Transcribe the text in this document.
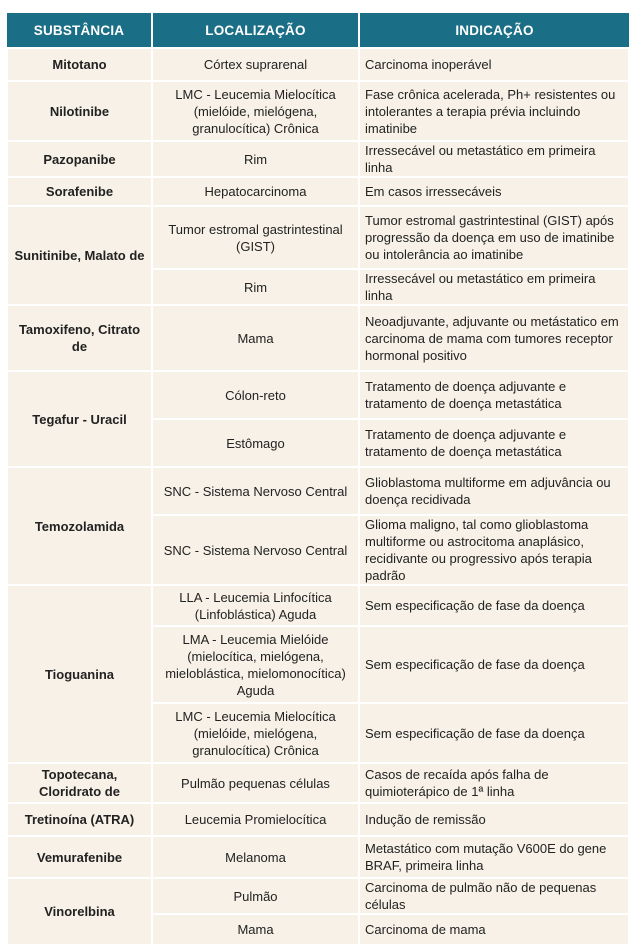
SUBSTÂNCIA	LOCALIZAÇÃO	INDICAÇÃO
Mitotano	Córtex suprarenal	Carcinoma inoperável
Nilotinibe	LMC - Leucemia Mielocítica (mielóide, mielógena, granulocítica) Crônica	Fase crônica acelerada, Ph+ resistentes ou intolerantes a terapia prévia incluindo imatinibe
Pazopanibe	Rim	Irressecável ou metastático em primeira linha
Sorafenibe	Hepatocarcinoma	Em casos irressecáveis
Sunitinibe, Malato de	Tumor estromal gastrintestinal (GIST)	Tumor estromal gastrintestinal (GIST) após progressão da doença em uso de imatinibe ou intolerância ao imatinibe
	Rim	Irressecável ou metastático em primeira linha
Tamoxifeno, Citrato de	Mama	Neoadjuvante, adjuvante ou metástatico em carcinoma de mama com tumores receptor hormonal positivo
Tegafur - Uracil	Cólon-reto	Tratamento de doença adjuvante e tratamento de doença metastática
	Estômago	Tratamento de doença adjuvante e tratamento de doença metastática
Temozolamida	SNC - Sistema Nervoso Central	Glioblastoma multiforme em adjuvância ou doença recidivada
	SNC - Sistema Nervoso Central	Glioma maligno, tal como glioblastoma multiforme ou astrocitoma anaplásico, recidivante ou progressivo após terapia padrão
Tioguanina	LLA - Leucemia Linfocítica (Linfoblástica) Aguda	Sem especificação de fase da doença
	LMA - Leucemia Mielóide (mielocítica, mielógena, mieloblástica, mielomonocítica) Aguda	Sem especificação de fase da doença
	LMC - Leucemia Mielocítica (mielóide, mielógena, granulocítica) Crônica	Sem especificação de fase da doença
Topotecana, Cloridrato de	Pulmão pequenas células	Casos de recaída após falha de quimioterápico de 1ª linha
Tretinoína (ATRA)	Leucemia Promielocítica	Indução de remissão
Vemurafenibe	Melanoma	Metastático com mutação V600E do gene BRAF, primeira linha
Vinorelbina	Pulmão	Carcinoma de pulmão não de pequenas células
	Mama	Carcinoma de mama
